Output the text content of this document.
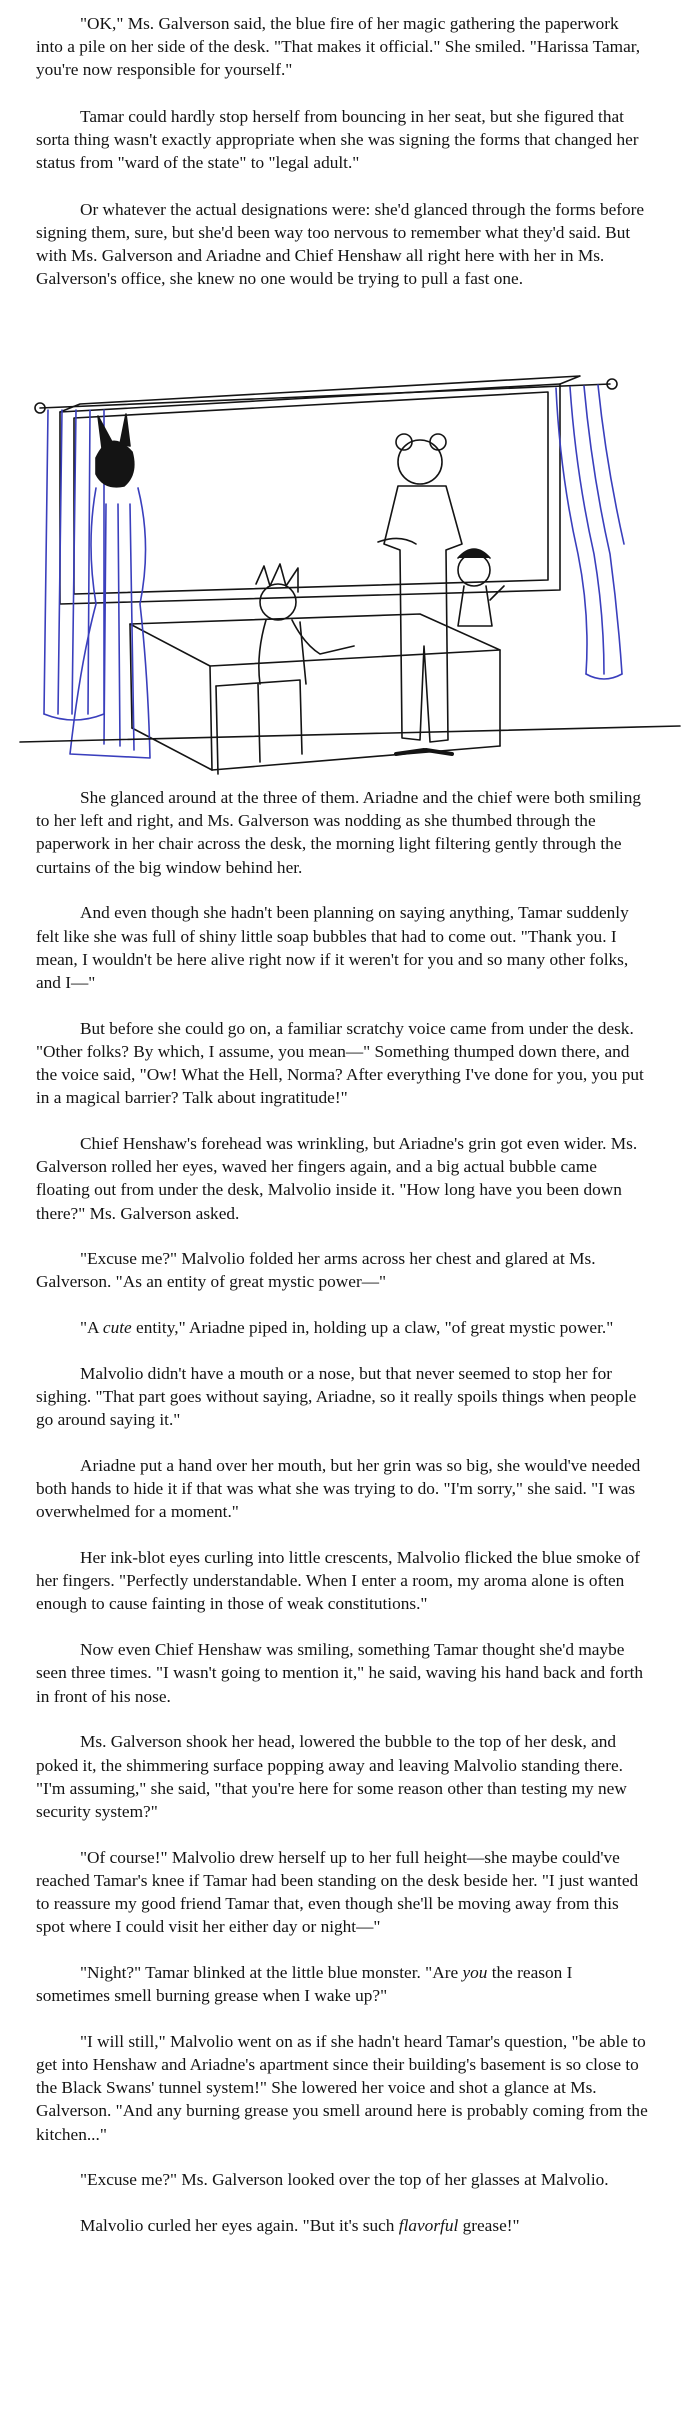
"OK," Ms. Galverson said, the blue fire of her magic gathering the paperwork into a pile on her side of the desk. "That makes it official." She smiled. "Harissa Tamar, you're now responsible for yourself."

Tamar could hardly stop herself from bouncing in her seat, but she figured that sorta thing wasn't exactly appropriate when she was signing the forms that changed her status from "ward of the state" to "legal adult."

Or whatever the actual designations were: she'd glanced through the forms before signing them, sure, but she'd been way too nervous to remember what they'd said. But with Ms. Galverson and Ariadne and Chief Henshaw all right here with her in Ms. Galverson's office, she knew no one would be trying to pull a fast one.

She glanced around at the three of them. Ariadne and the chief were both smiling to her left and right, and Ms. Galverson was nodding as she thumbed through the paperwork in her chair across the desk, the morning light filtering gently through the curtains of the big window behind her.

And even though she hadn't been planning on saying anything, Tamar suddenly felt like she was full of shiny little soap bubbles that had to come out. "Thank you. I mean, I wouldn't be here alive right now if it weren't for you and so many other folks, and I—"

But before she could go on, a familiar scratchy voice came from under the desk. "Other folks? By which, I assume, you mean—" Something thumped down there, and the voice said, "Ow! What the Hell, Norma? After everything I've done for you, you put in a magical barrier? Talk about ingratitude!"

Chief Henshaw's forehead was wrinkling, but Ariadne's grin got even wider. Ms. Galverson rolled her eyes, waved her fingers again, and a big actual bubble came floating out from under the desk, Malvolio inside it. "How long have you been down there?" Ms. Galverson asked.

"Excuse me?" Malvolio folded her arms across her chest and glared at Ms. Galverson. "As an entity of great mystic power—"

"A cute entity," Ariadne piped in, holding up a claw, "of great mystic power."

Malvolio didn't have a mouth or a nose, but that never seemed to stop her for sighing. "That part goes without saying, Ariadne, so it really spoils things when people go around saying it."

Ariadne put a hand over her mouth, but her grin was so big, she would've needed both hands to hide it if that was what she was trying to do. "I'm sorry," she said. "I was overwhelmed for a moment."

Her ink-blot eyes curling into little crescents, Malvolio flicked the blue smoke of her fingers. "Perfectly understandable. When I enter a room, my aroma alone is often enough to cause fainting in those of weak constitutions."

Now even Chief Henshaw was smiling, something Tamar thought she'd maybe seen three times. "I wasn't going to mention it," he said, waving his hand back and forth in front of his nose.

Ms. Galverson shook her head, lowered the bubble to the top of her desk, and poked it, the shimmering surface popping away and leaving Malvolio standing there. "I'm assuming," she said, "that you're here for some reason other than testing my new security system?"

"Of course!" Malvolio drew herself up to her full height—she maybe could've reached Tamar's knee if Tamar had been standing on the desk beside her. "I just wanted to reassure my good friend Tamar that, even though she'll be moving away from this spot where I could visit her either day or night—"

"Night?" Tamar blinked at the little blue monster. "Are you the reason I sometimes smell burning grease when I wake up?"

"I will still," Malvolio went on as if she hadn't heard Tamar's question, "be able to get into Henshaw and Ariadne's apartment since their building's basement is so close to the Black Swans' tunnel system!" She lowered her voice and shot a glance at Ms. Galverson. "And any burning grease you smell around here is probably coming from the kitchen..."

"Excuse me?" Ms. Galverson looked over the top of her glasses at Malvolio.

Malvolio curled her eyes again. "But it's such flavorful grease!"
